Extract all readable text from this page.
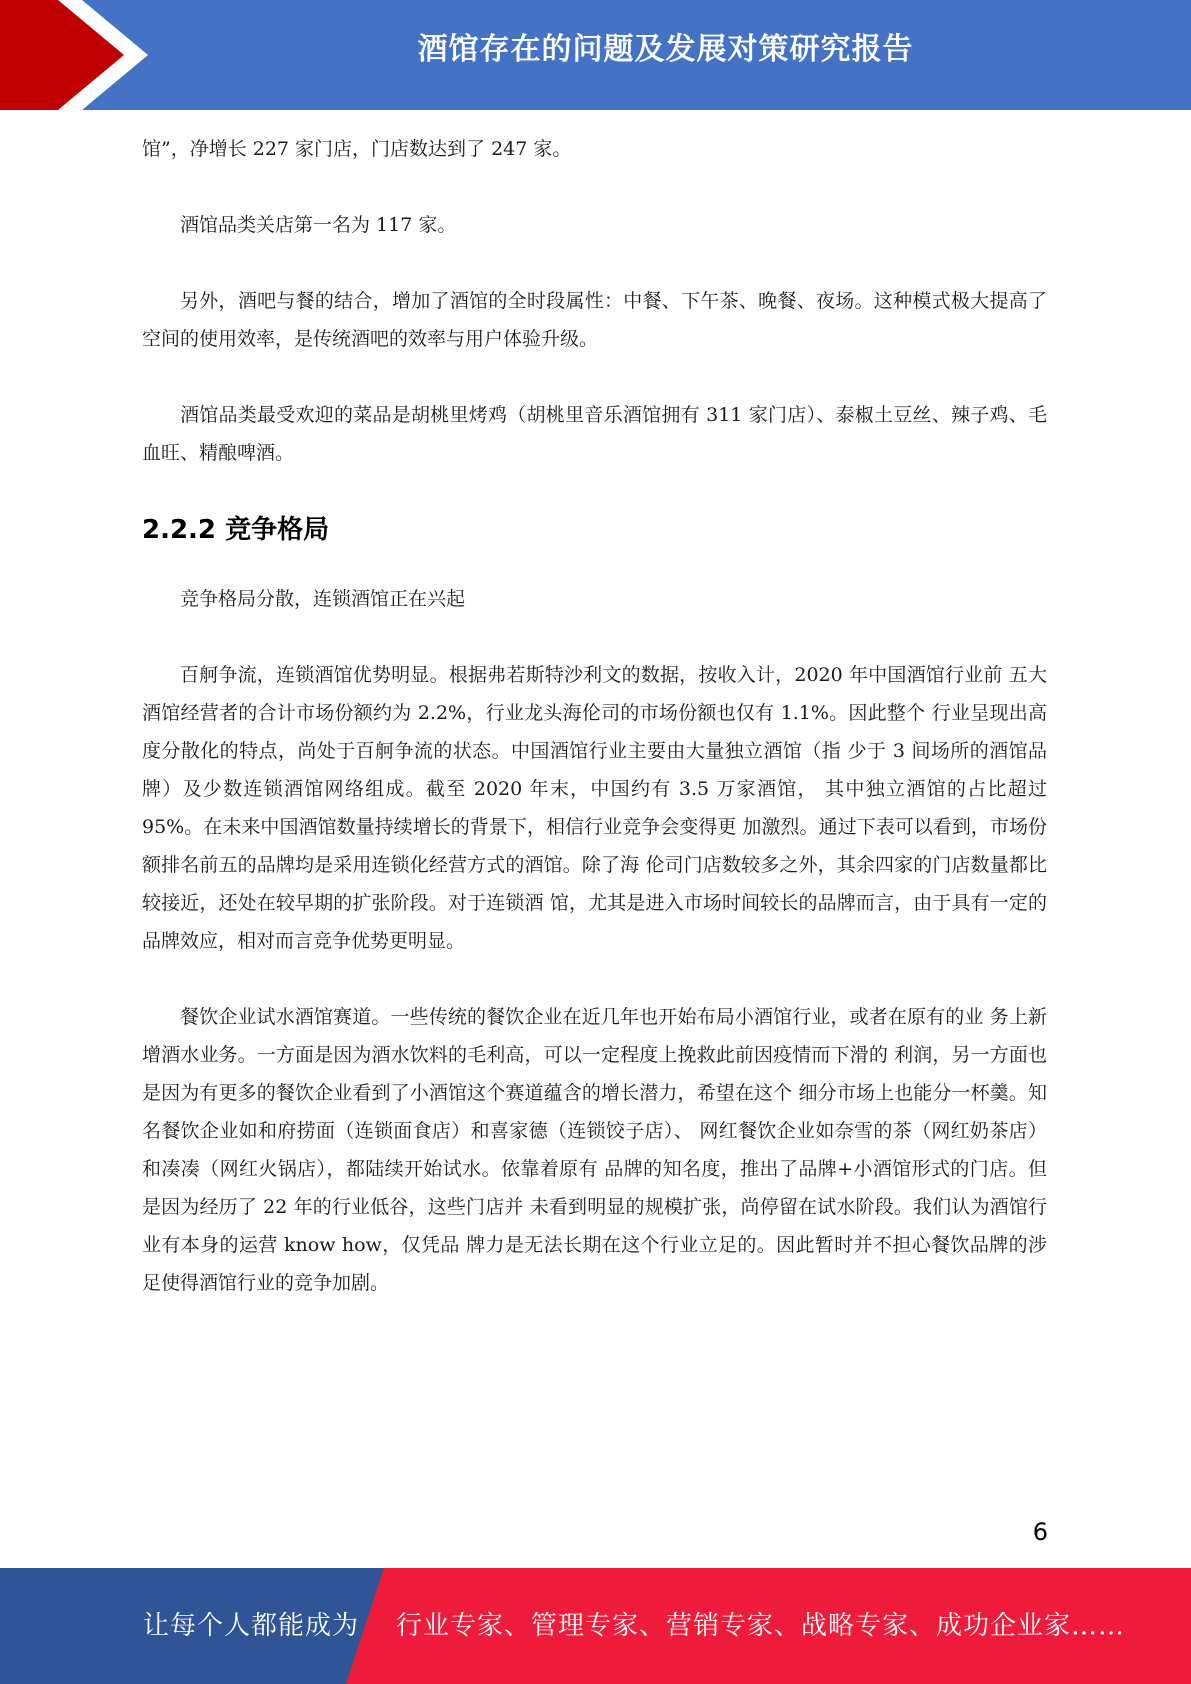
酒馆存在的问题及发展对策研究报告

馆”，净增长 227 家门店，门店数达到了 247 家。

酒馆品类关店第一名为 117 家。

另外，酒吧与餐的结合，增加了酒馆的全时段属性：中餐、下午茶、晚餐、夜场。这种模式极大提高了空间的使用效率，是传统酒吧的效率与用户体验升级。

酒馆品类最受欢迎的菜品是胡桃里烤鸡（胡桃里音乐酒馆拥有 311 家门店）、泰椒土豆丝、辣子鸡、毛血旺、精酿啤酒。

2.2.2 竞争格局

竞争格局分散，连锁酒馆正在兴起

百舸争流，连锁酒馆优势明显。根据弗若斯特沙利文的数据，按收入计，2020 年中国酒馆行业前 五大酒馆经营者的合计市场份额约为 2.2%，行业龙头海伦司的市场份额也仅有 1.1%。因此整个 行业呈现出高度分散化的特点，尚处于百舸争流的状态。中国酒馆行业主要由大量独立酒馆（指 少于 3 间场所的酒馆品牌）及少数连锁酒馆网络组成。截至 2020 年末，中国约有 3.5 万家酒馆， 其中独立酒馆的占比超过 95%。在未来中国酒馆数量持续增长的背景下，相信行业竞争会变得更 加激烈。通过下表可以看到，市场份额排名前五的品牌均是采用连锁化经营方式的酒馆。除了海 伦司门店数较多之外，其余四家的门店数量都比较接近，还处在较早期的扩张阶段。对于连锁酒 馆，尤其是进入市场时间较长的品牌而言，由于具有一定的品牌效应，相对而言竞争优势更明显。

餐饮企业试水酒馆赛道。一些传统的餐饮企业在近几年也开始布局小酒馆行业，或者在原有的业 务上新增酒水业务。一方面是因为酒水饮料的毛利高，可以一定程度上挽救此前因疫情而下滑的 利润，另一方面也是因为有更多的餐饮企业看到了小酒馆这个赛道蕴含的增长潜力，希望在这个 细分市场上也能分一杯羹。知名餐饮企业如和府捞面（连锁面食店）和喜家德（连锁饺子店）、 网红餐饮企业如奈雪的茶（网红奶茶店）和凑凑（网红火锅店），都陆续开始试水。依靠着原有 品牌的知名度，推出了品牌+小酒馆形式的门店。但是因为经历了 22 年的行业低谷，这些门店并 未看到明显的规模扩张，尚停留在试水阶段。我们认为酒馆行业有本身的运营 know how，仅凭品 牌力是无法长期在这个行业立足的。因此暂时并不担心餐饮品牌的涉足使得酒馆行业的竞争加剧。

6
让每个人都能成为 行业专家、管理专家、营销专家、战略专家、成功企业家……
